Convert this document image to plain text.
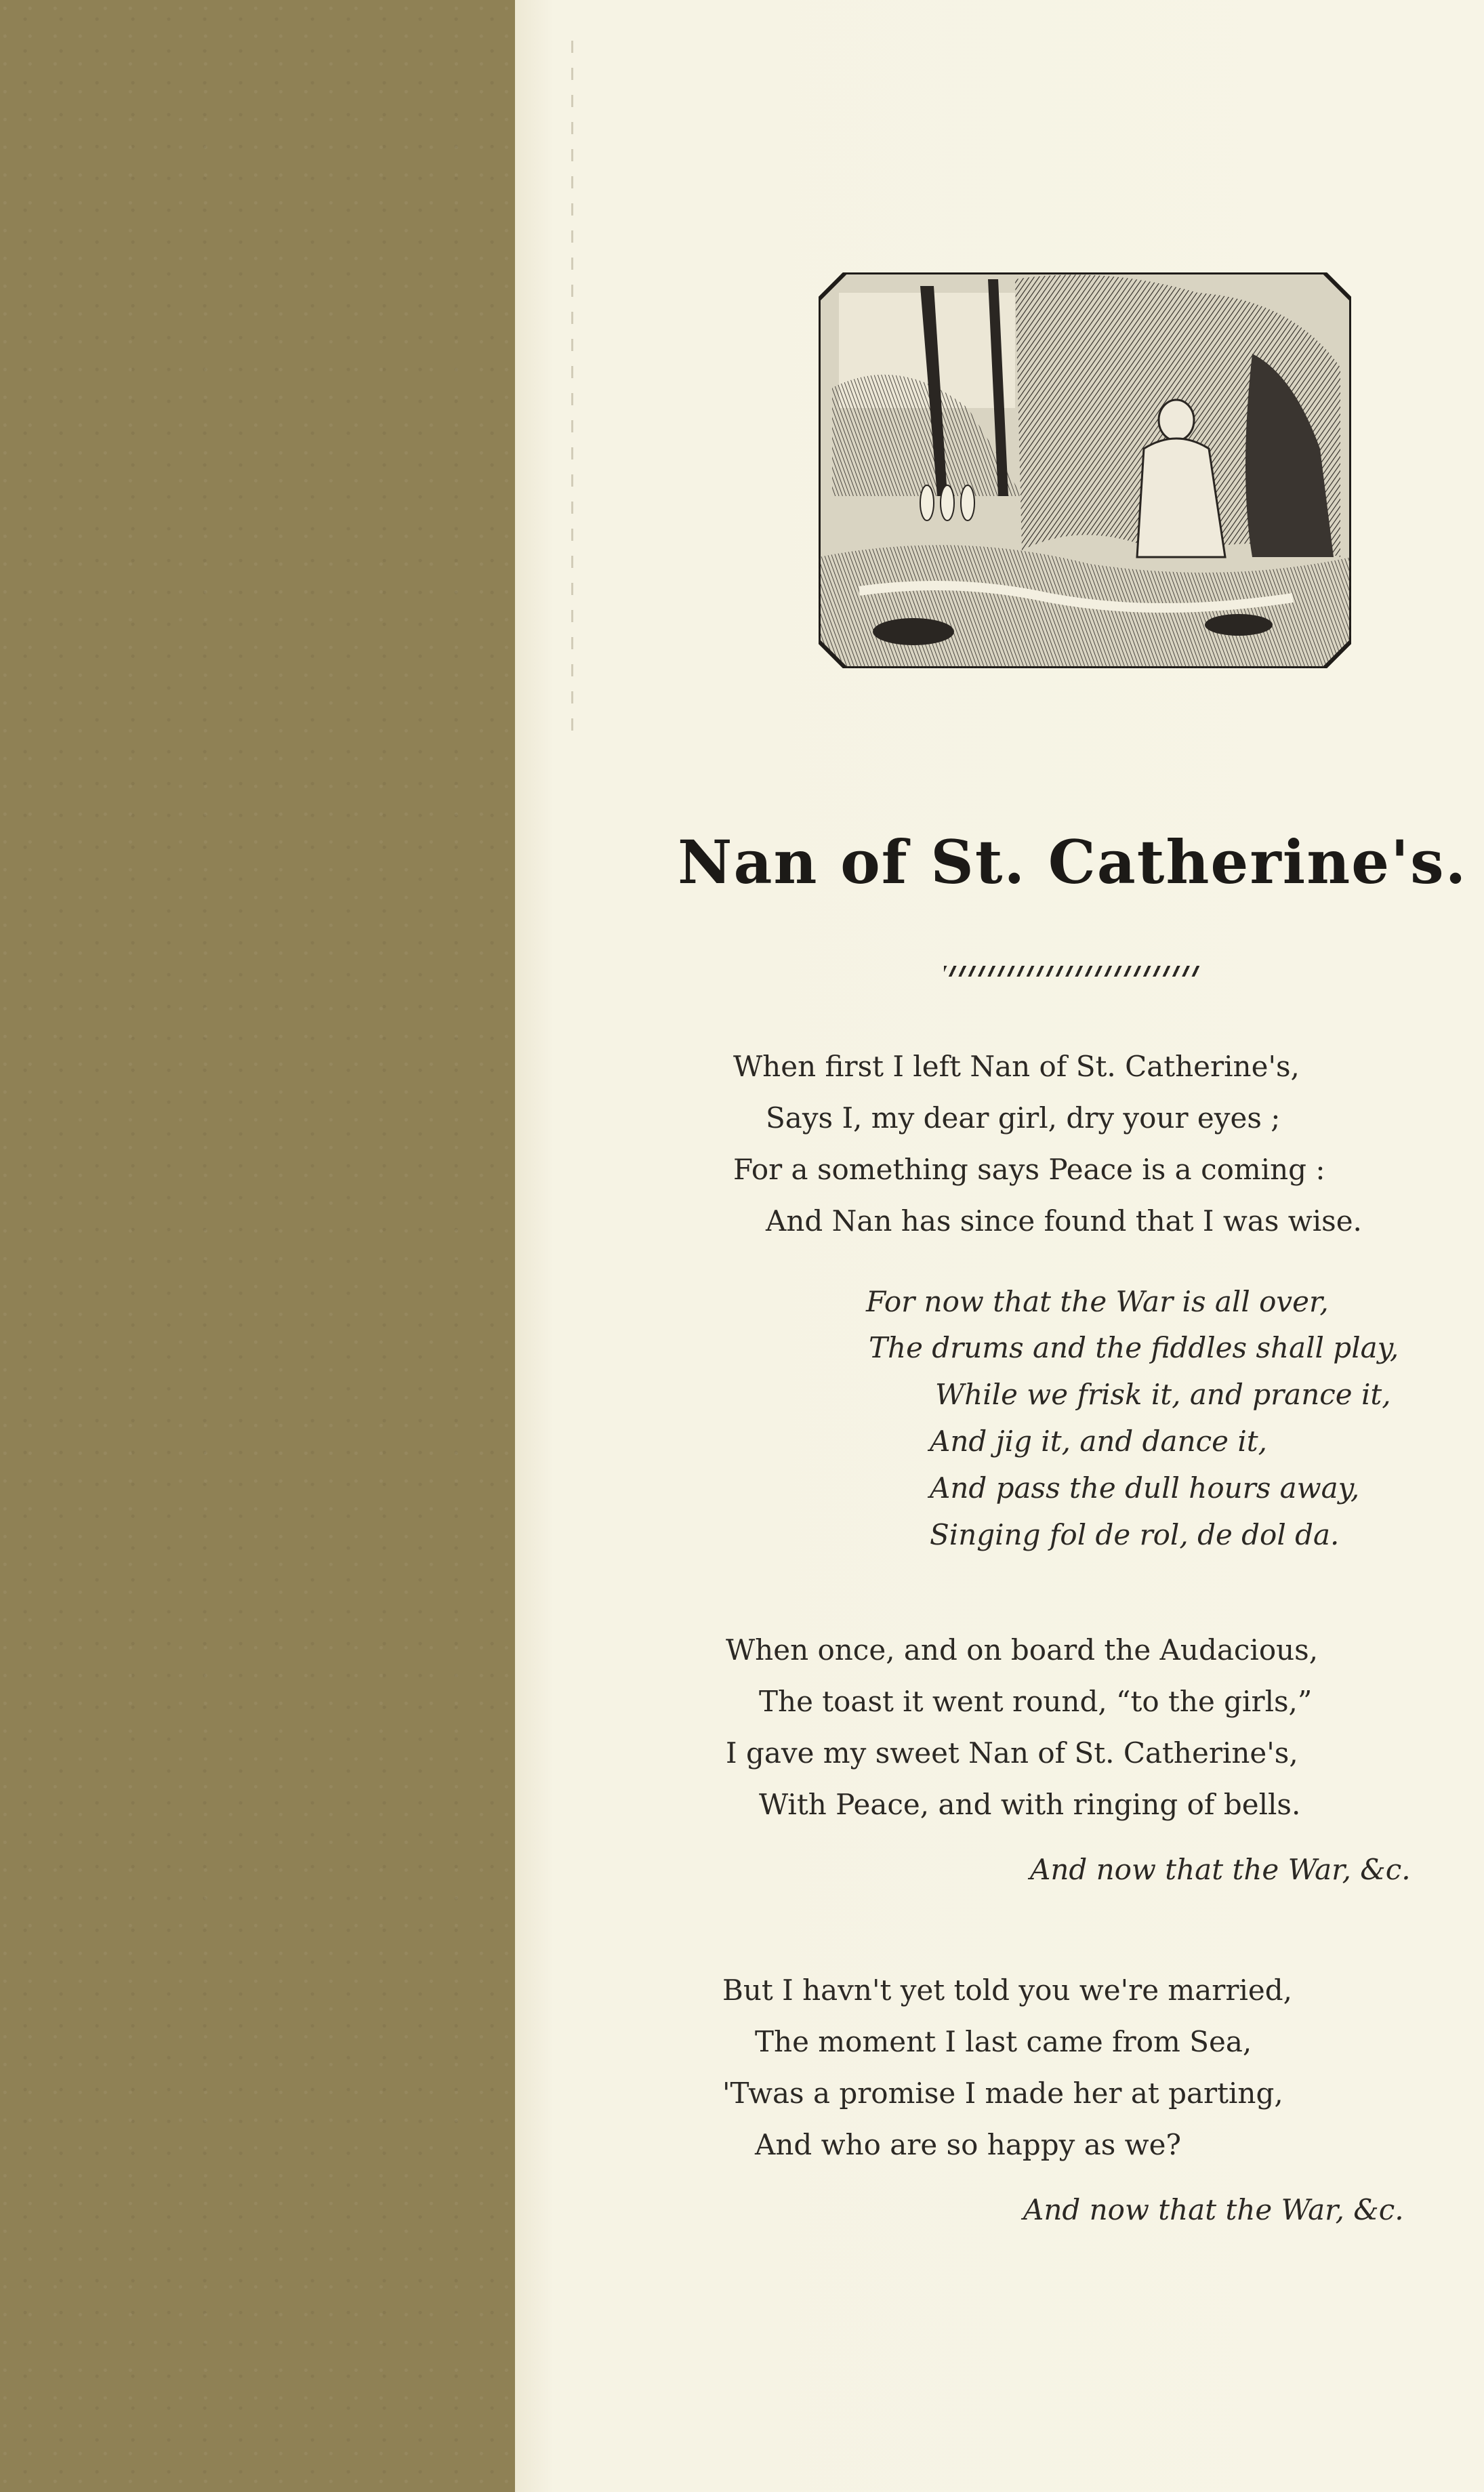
Nan of St. Catherine's.
When first I left Nan of St. Catherine's,
Says I, my dear girl, dry your eyes ;
For a something says Peace is a coming :
And Nan has since found that I was wise.
For now that the War is all over,
The drums and the fiddles shall play,
While we frisk it, and prance it,
And jig it, and dance it,
And pass the dull hours away,
Singing fol de rol, de dol da.
When once, and on board the Audacious,
The toast it went round, “to the girls,”
I gave my sweet Nan of St. Catherine's,
With Peace, and with ringing of bells.
And now that the War, &c.
But I havn't yet told you we're married,
The moment I last came from Sea,
'Twas a promise I made her at parting,
And who are so happy as we?
And now that the War, &c.
